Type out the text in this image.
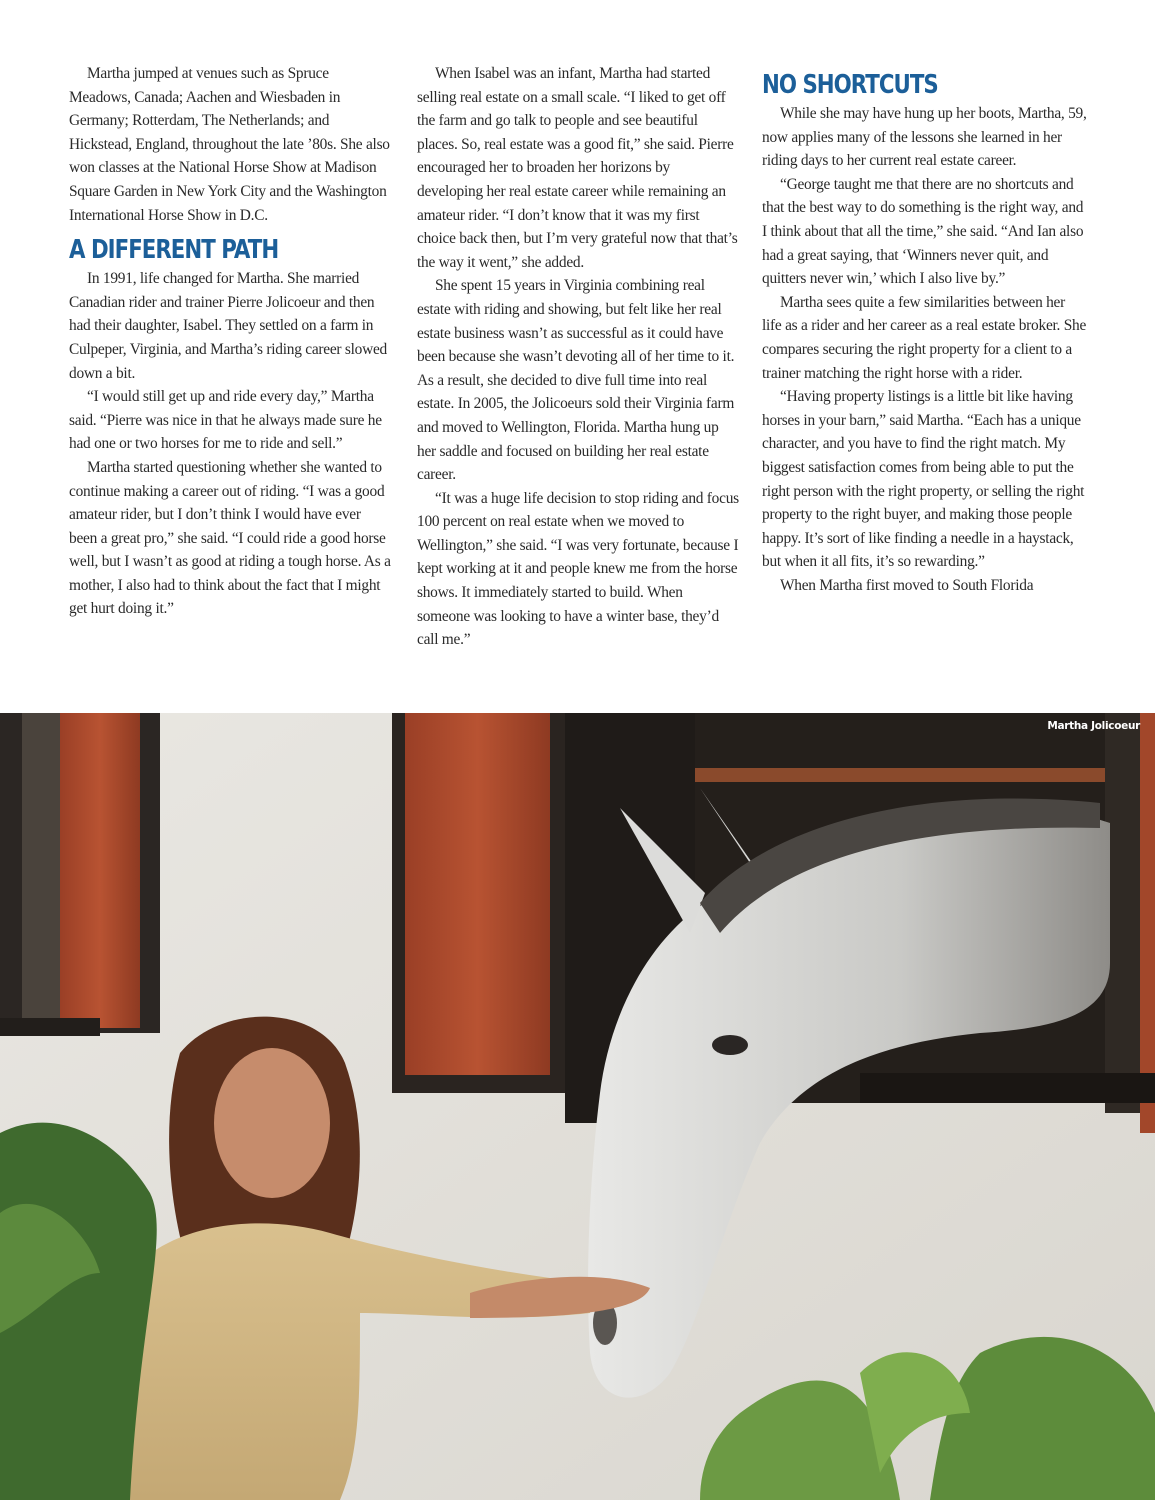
Martha jumped at venues such as Spruce Meadows, Canada; Aachen and Wiesbaden in Germany; Rotterdam, The Netherlands; and Hickstead, England, throughout the late ’80s. She also won classes at the National Horse Show at Madison Square Garden in New York City and the Washington International Horse Show in D.C.

A DIFFERENT PATH

In 1991, life changed for Martha. She married Canadian rider and trainer Pierre Jolicoeur and then had their daughter, Isabel. They settled on a farm in Culpeper, Virginia, and Martha’s riding career slowed down a bit.

“I would still get up and ride every day,” Martha said. “Pierre was nice in that he always made sure he had one or two horses for me to ride and sell.”

Martha started questioning whether she wanted to continue making a career out of riding. “I was a good amateur rider, but I don’t think I would have ever been a great pro,” she said. “I could ride a good horse well, but I wasn’t as good at riding a tough horse. As a mother, I also had to think about the fact that I might get hurt doing it.”

When Isabel was an infant, Martha had started selling real estate on a small scale. “I liked to get off the farm and go talk to people and see beautiful places. So, real estate was a good fit,” she said. Pierre encouraged her to broaden her horizons by developing her real estate career while remaining an amateur rider. “I don’t know that it was my first choice back then, but I’m very grateful now that that’s the way it went,” she added.

She spent 15 years in Virginia combining real estate with riding and showing, but felt like her real estate business wasn’t as successful as it could have been because she wasn’t devoting all of her time to it. As a result, she decided to dive full time into real estate. In 2005, the Jolicoeurs sold their Virginia farm and moved to Wellington, Florida. Martha hung up her saddle and focused on building her real estate career.

“It was a huge life decision to stop riding and focus 100 percent on real estate when we moved to Wellington,” she said. “I was very fortunate, because I kept working at it and people knew me from the horse shows. It immediately started to build. When someone was looking to have a winter base, they’d call me.”

NO SHORTCUTS

While she may have hung up her boots, Martha, 59, now applies many of the lessons she learned in her riding days to her current real estate career.

“George taught me that there are no shortcuts and that the best way to do something is the right way, and I think about that all the time,” she said. “And Ian also had a great saying, that ‘Winners never quit, and quitters never win,’ which I also live by.”

Martha sees quite a few similarities between her life as a rider and her career as a real estate broker. She compares securing the right property for a client to a trainer matching the right horse with a rider.

“Having property listings is a little bit like having horses in your barn,” said Martha. “Each has a unique character, and you have to find the right match. My biggest satisfaction comes from being able to put the right person with the right property, or selling the right property to the right buyer, and making those people happy. It’s sort of like finding a needle in a haystack, but when it all fits, it’s so rewarding.”

When Martha first moved to South Florida

Martha Jolicoeur
